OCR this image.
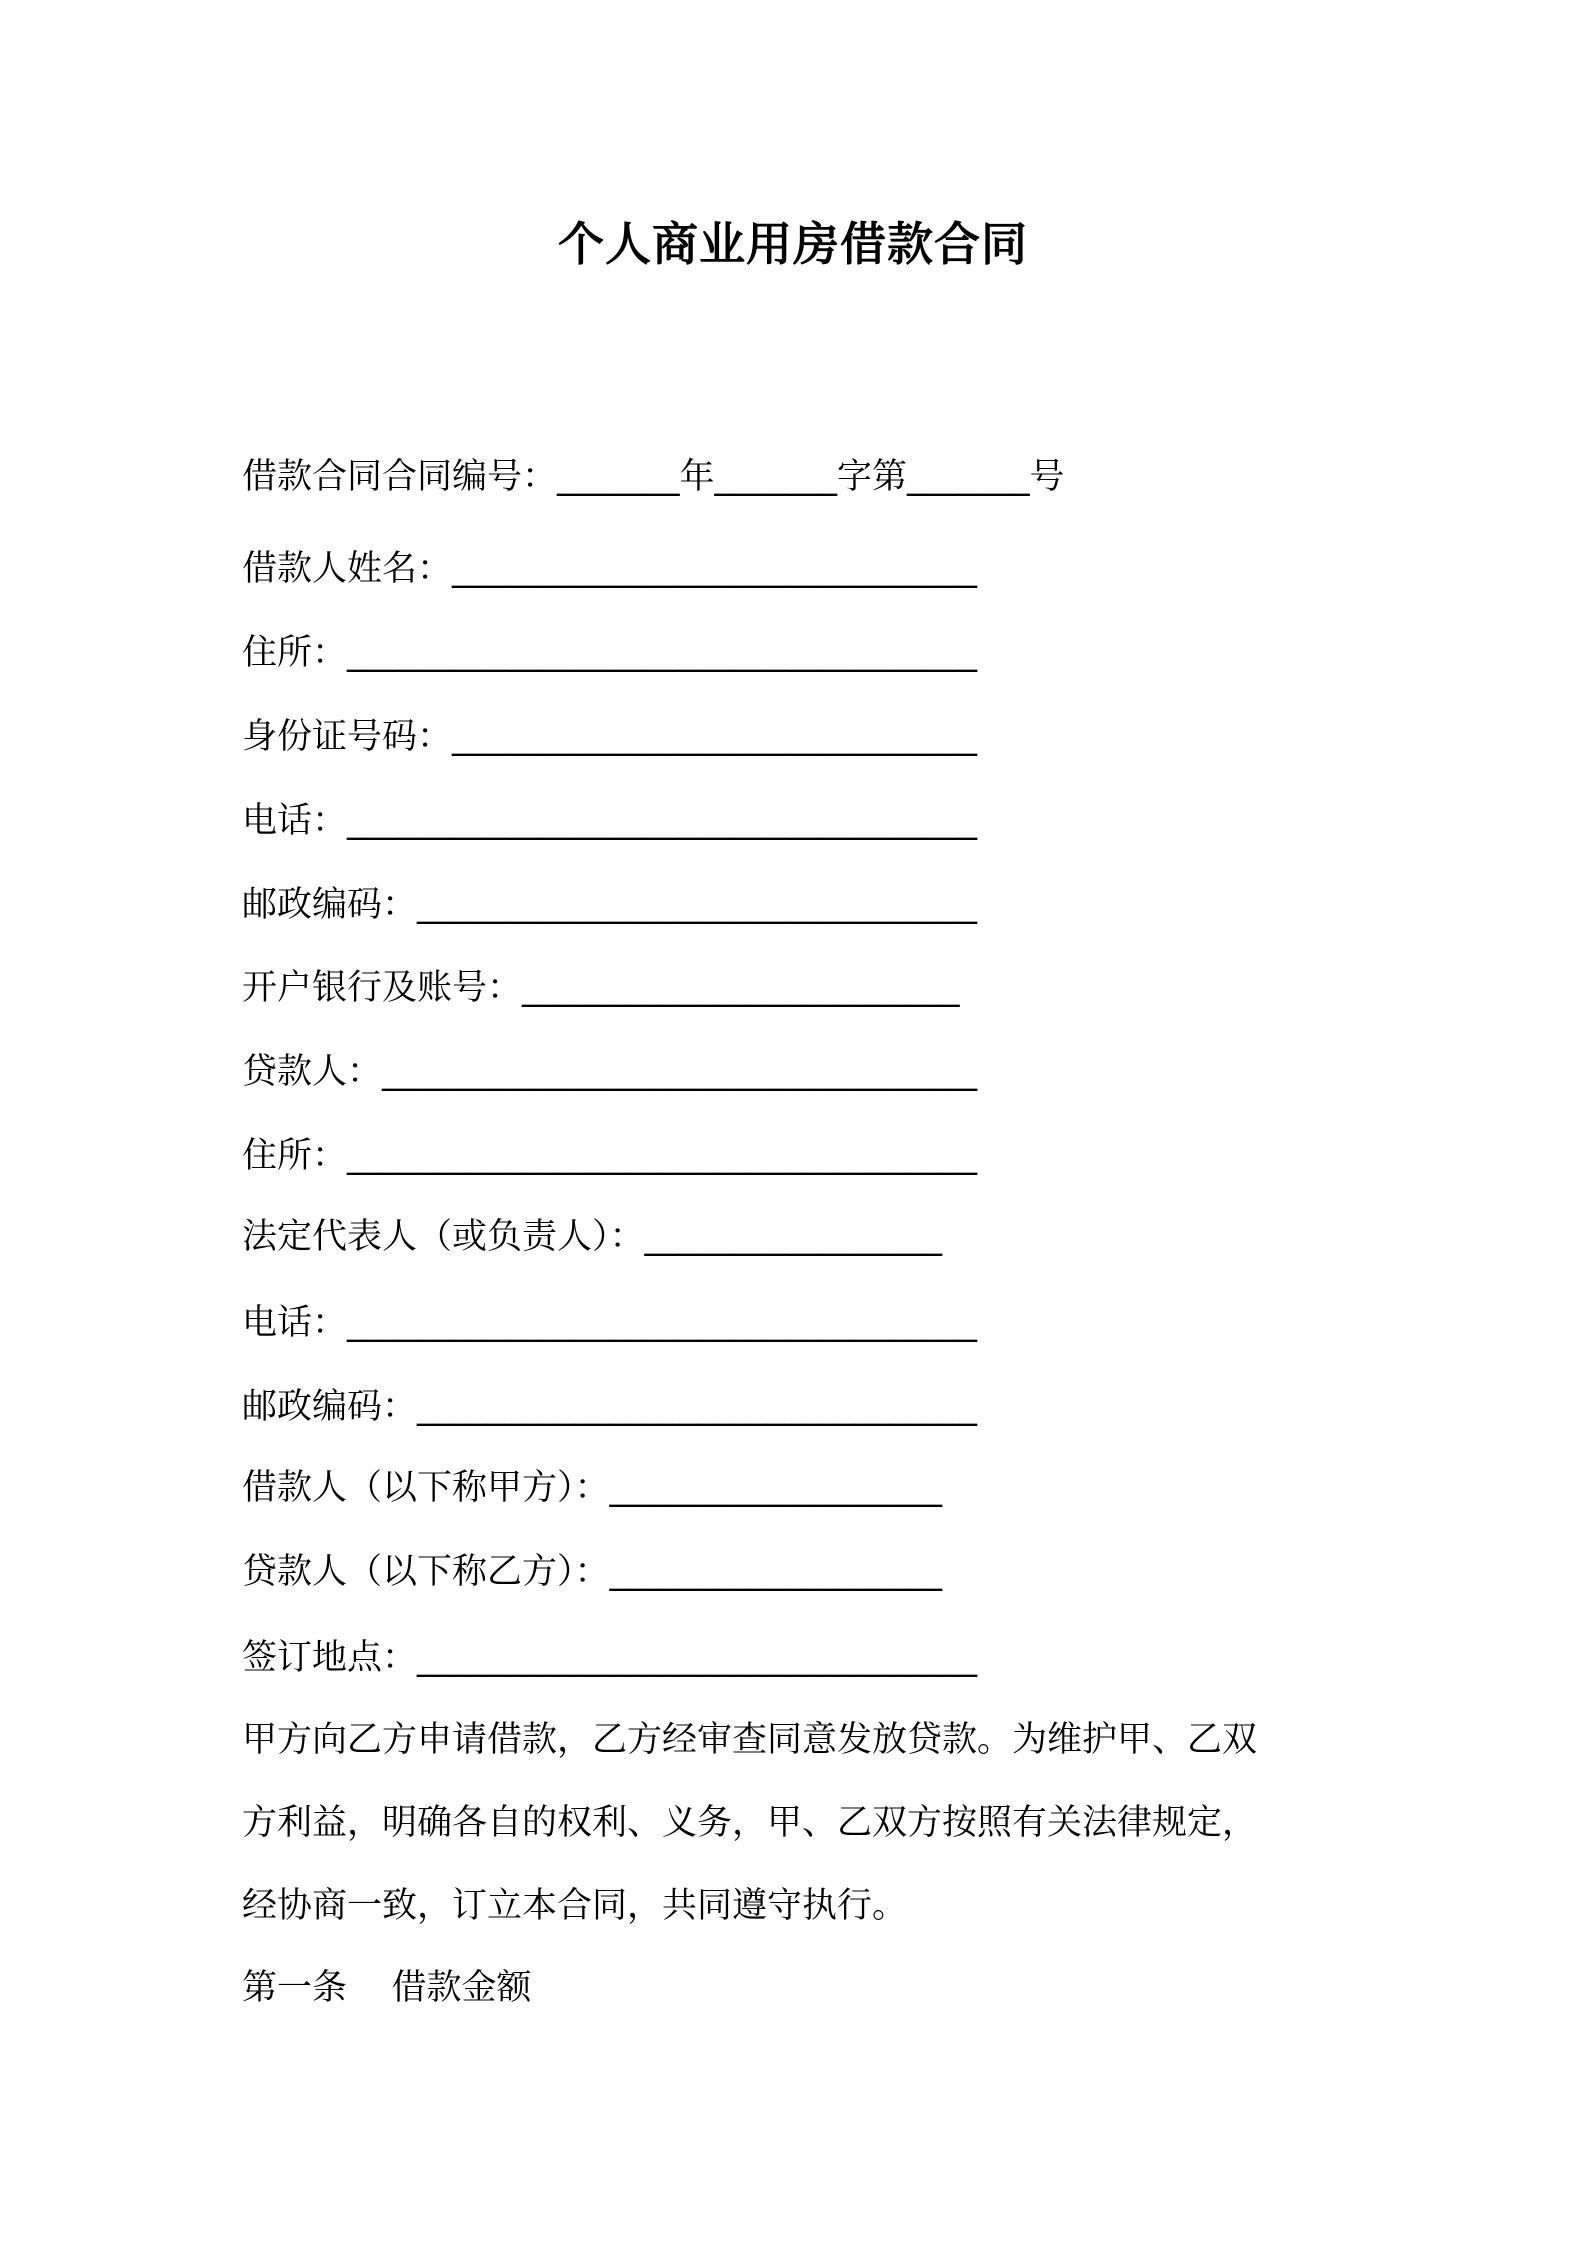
个人商业用房借款合同
借款合同合同编号：_______年_______字第_______号
借款人姓名：______________________________
住所：____________________________________
身份证号码：______________________________
电话：____________________________________
邮政编码：________________________________
开户银行及账号：_________________________
贷款人：__________________________________
住所：____________________________________
法定代表人（或负责人）：_________________
电话：____________________________________
邮政编码：________________________________
借款人（以下称甲方）：___________________
贷款人（以下称乙方）：___________________
签订地点：________________________________
甲方向乙方申请借款，乙方经审查同意发放贷款。为维护甲、乙双
方利益，明确各自的权利、义务，甲、乙双方按照有关法律规定，
经协商一致，订立本合同，共同遵守执行。
第一条    借款金额
